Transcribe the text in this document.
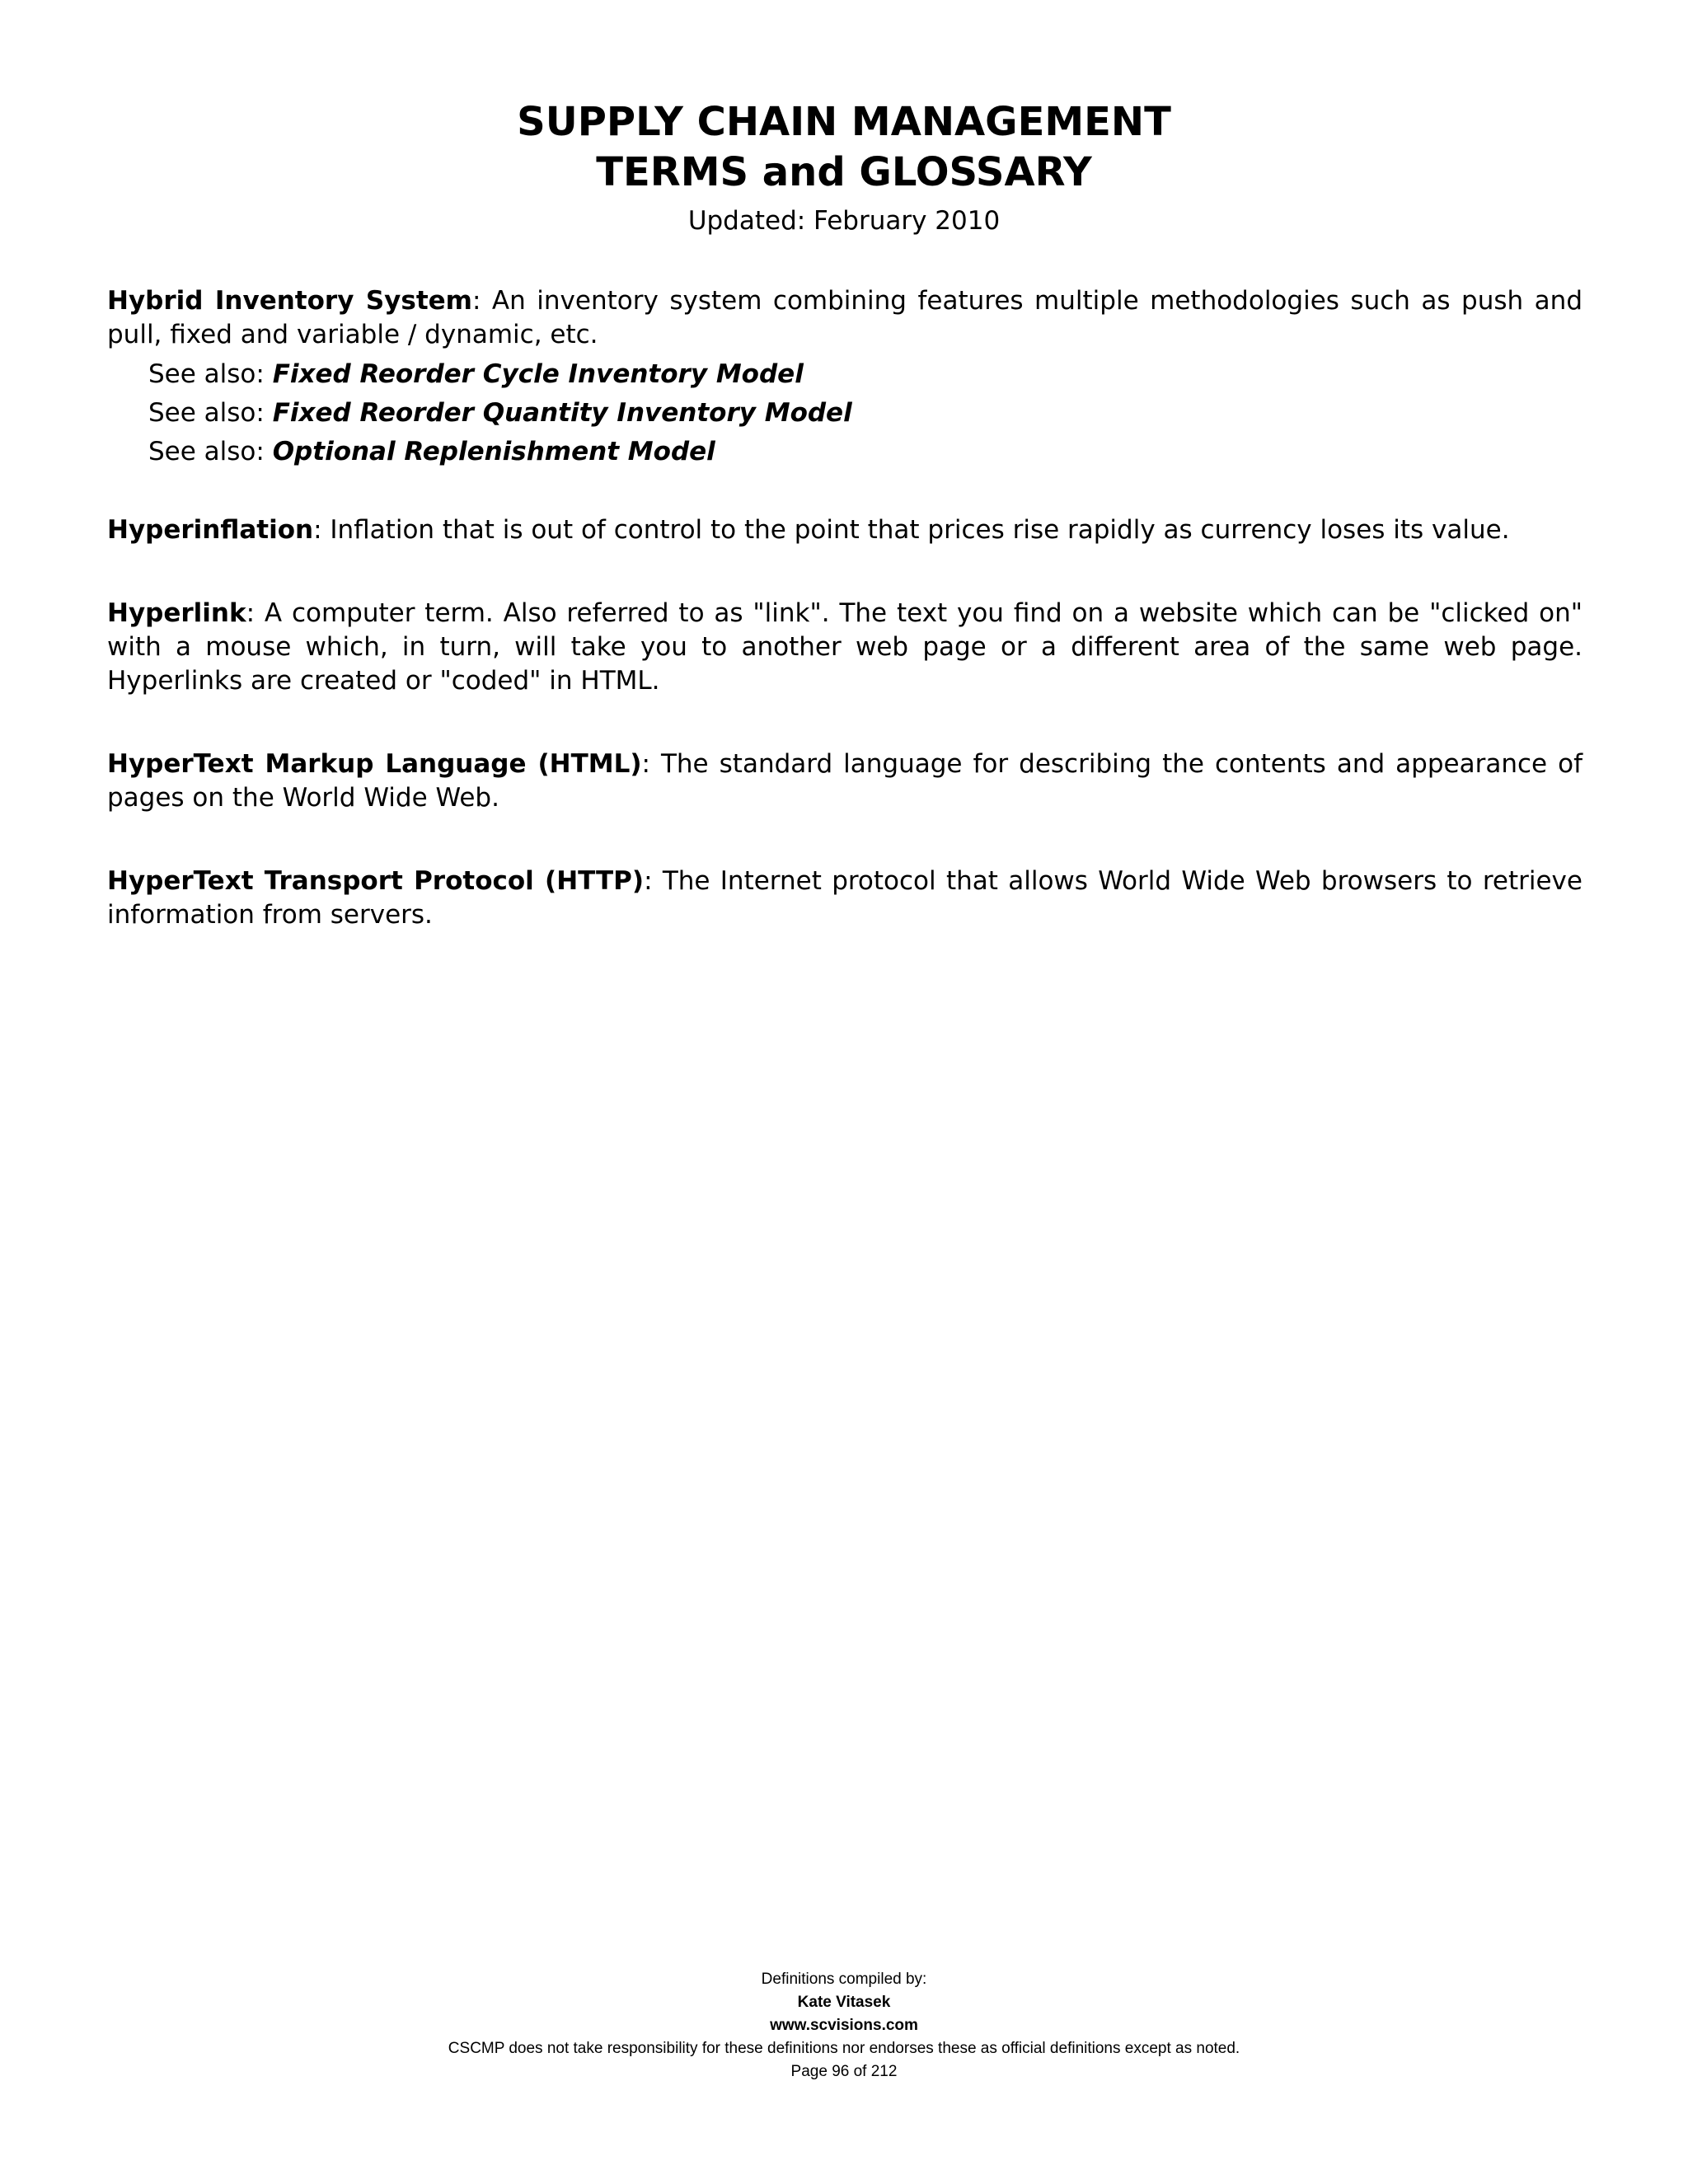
SUPPLY CHAIN MANAGEMENT
TERMS and GLOSSARY
Updated: February 2010

Hybrid Inventory System: An inventory system combining features multiple methodologies such as push and pull, fixed and variable / dynamic, etc.

See also: Fixed Reorder Cycle Inventory Model
See also: Fixed Reorder Quantity Inventory Model
See also: Optional Replenishment Model

Hyperinflation: Inflation that is out of control to the point that prices rise rapidly as currency loses its value.

Hyperlink: A computer term. Also referred to as "link". The text you find on a website which can be "clicked on" with a mouse which, in turn, will take you to another web page or a different area of the same web page. Hyperlinks are created or "coded" in HTML.

HyperText Markup Language (HTML): The standard language for describing the contents and appearance of pages on the World Wide Web.

HyperText Transport Protocol (HTTP): The Internet protocol that allows World Wide Web browsers to retrieve information from servers.

Definitions compiled by:
Kate Vitasek
www.scvisions.com
CSCMP does not take responsibility for these definitions nor endorses these as official definitions except as noted.
Page 96 of 212
